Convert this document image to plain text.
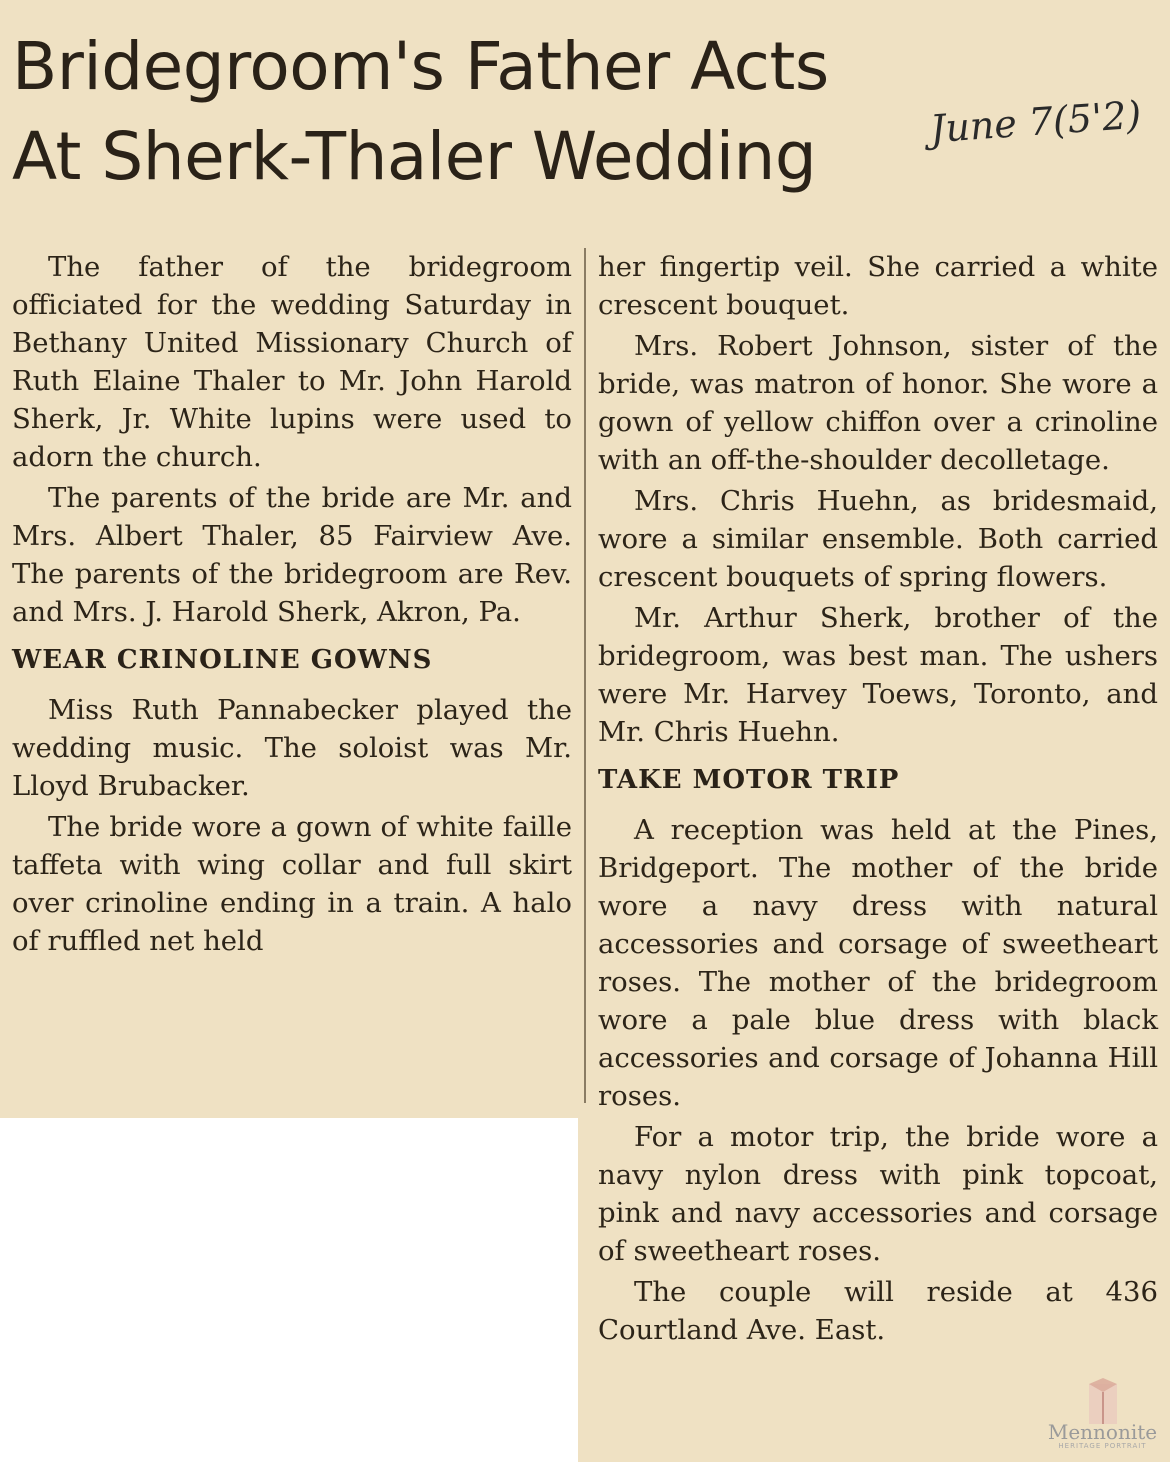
Bridegroom's Father Acts
At Sherk-Thaler Wedding	June 7(5'2)

The father of the bridegroom officiated for the wedding Saturday in Bethany United Missionary Church of Ruth Elaine Thaler to Mr. John Harold Sherk, Jr. White lupins were used to adorn the church.

The parents of the bride are Mr. and Mrs. Albert Thaler, 85 Fairview Ave. The parents of the bridegroom are Rev. and Mrs. J. Harold Sherk, Akron, Pa.

WEAR CRINOLINE GOWNS

Miss Ruth Pannabecker played the wedding music. The soloist was Mr. Lloyd Brubacker.

The bride wore a gown of white faille taffeta with wing collar and full skirt over crinoline ending in a train. A halo of ruffled net held

her fingertip veil. She carried a white crescent bouquet.

Mrs. Robert Johnson, sister of the bride, was matron of honor. She wore a gown of yellow chiffon over a crinoline with an off-the-shoulder decolletage.

Mrs. Chris Huehn, as bridesmaid, wore a similar ensemble. Both carried crescent bouquets of spring flowers.

Mr. Arthur Sherk, brother of the bridegroom, was best man. The ushers were Mr. Harvey Toews, Toronto, and Mr. Chris Huehn.

TAKE MOTOR TRIP

A reception was held at the Pines, Bridgeport. The mother of the bride wore a navy dress with natural accessories and corsage of sweetheart roses. The mother of the bridegroom wore a pale blue dress with black accessories and corsage of Johanna Hill roses.

For a motor trip, the bride wore a navy nylon dress with pink topcoat, pink and navy accessories and corsage of sweetheart roses.

The couple will reside at 436 Courtland Ave. East.

Mennonite
HERITAGE PORTRAIT
